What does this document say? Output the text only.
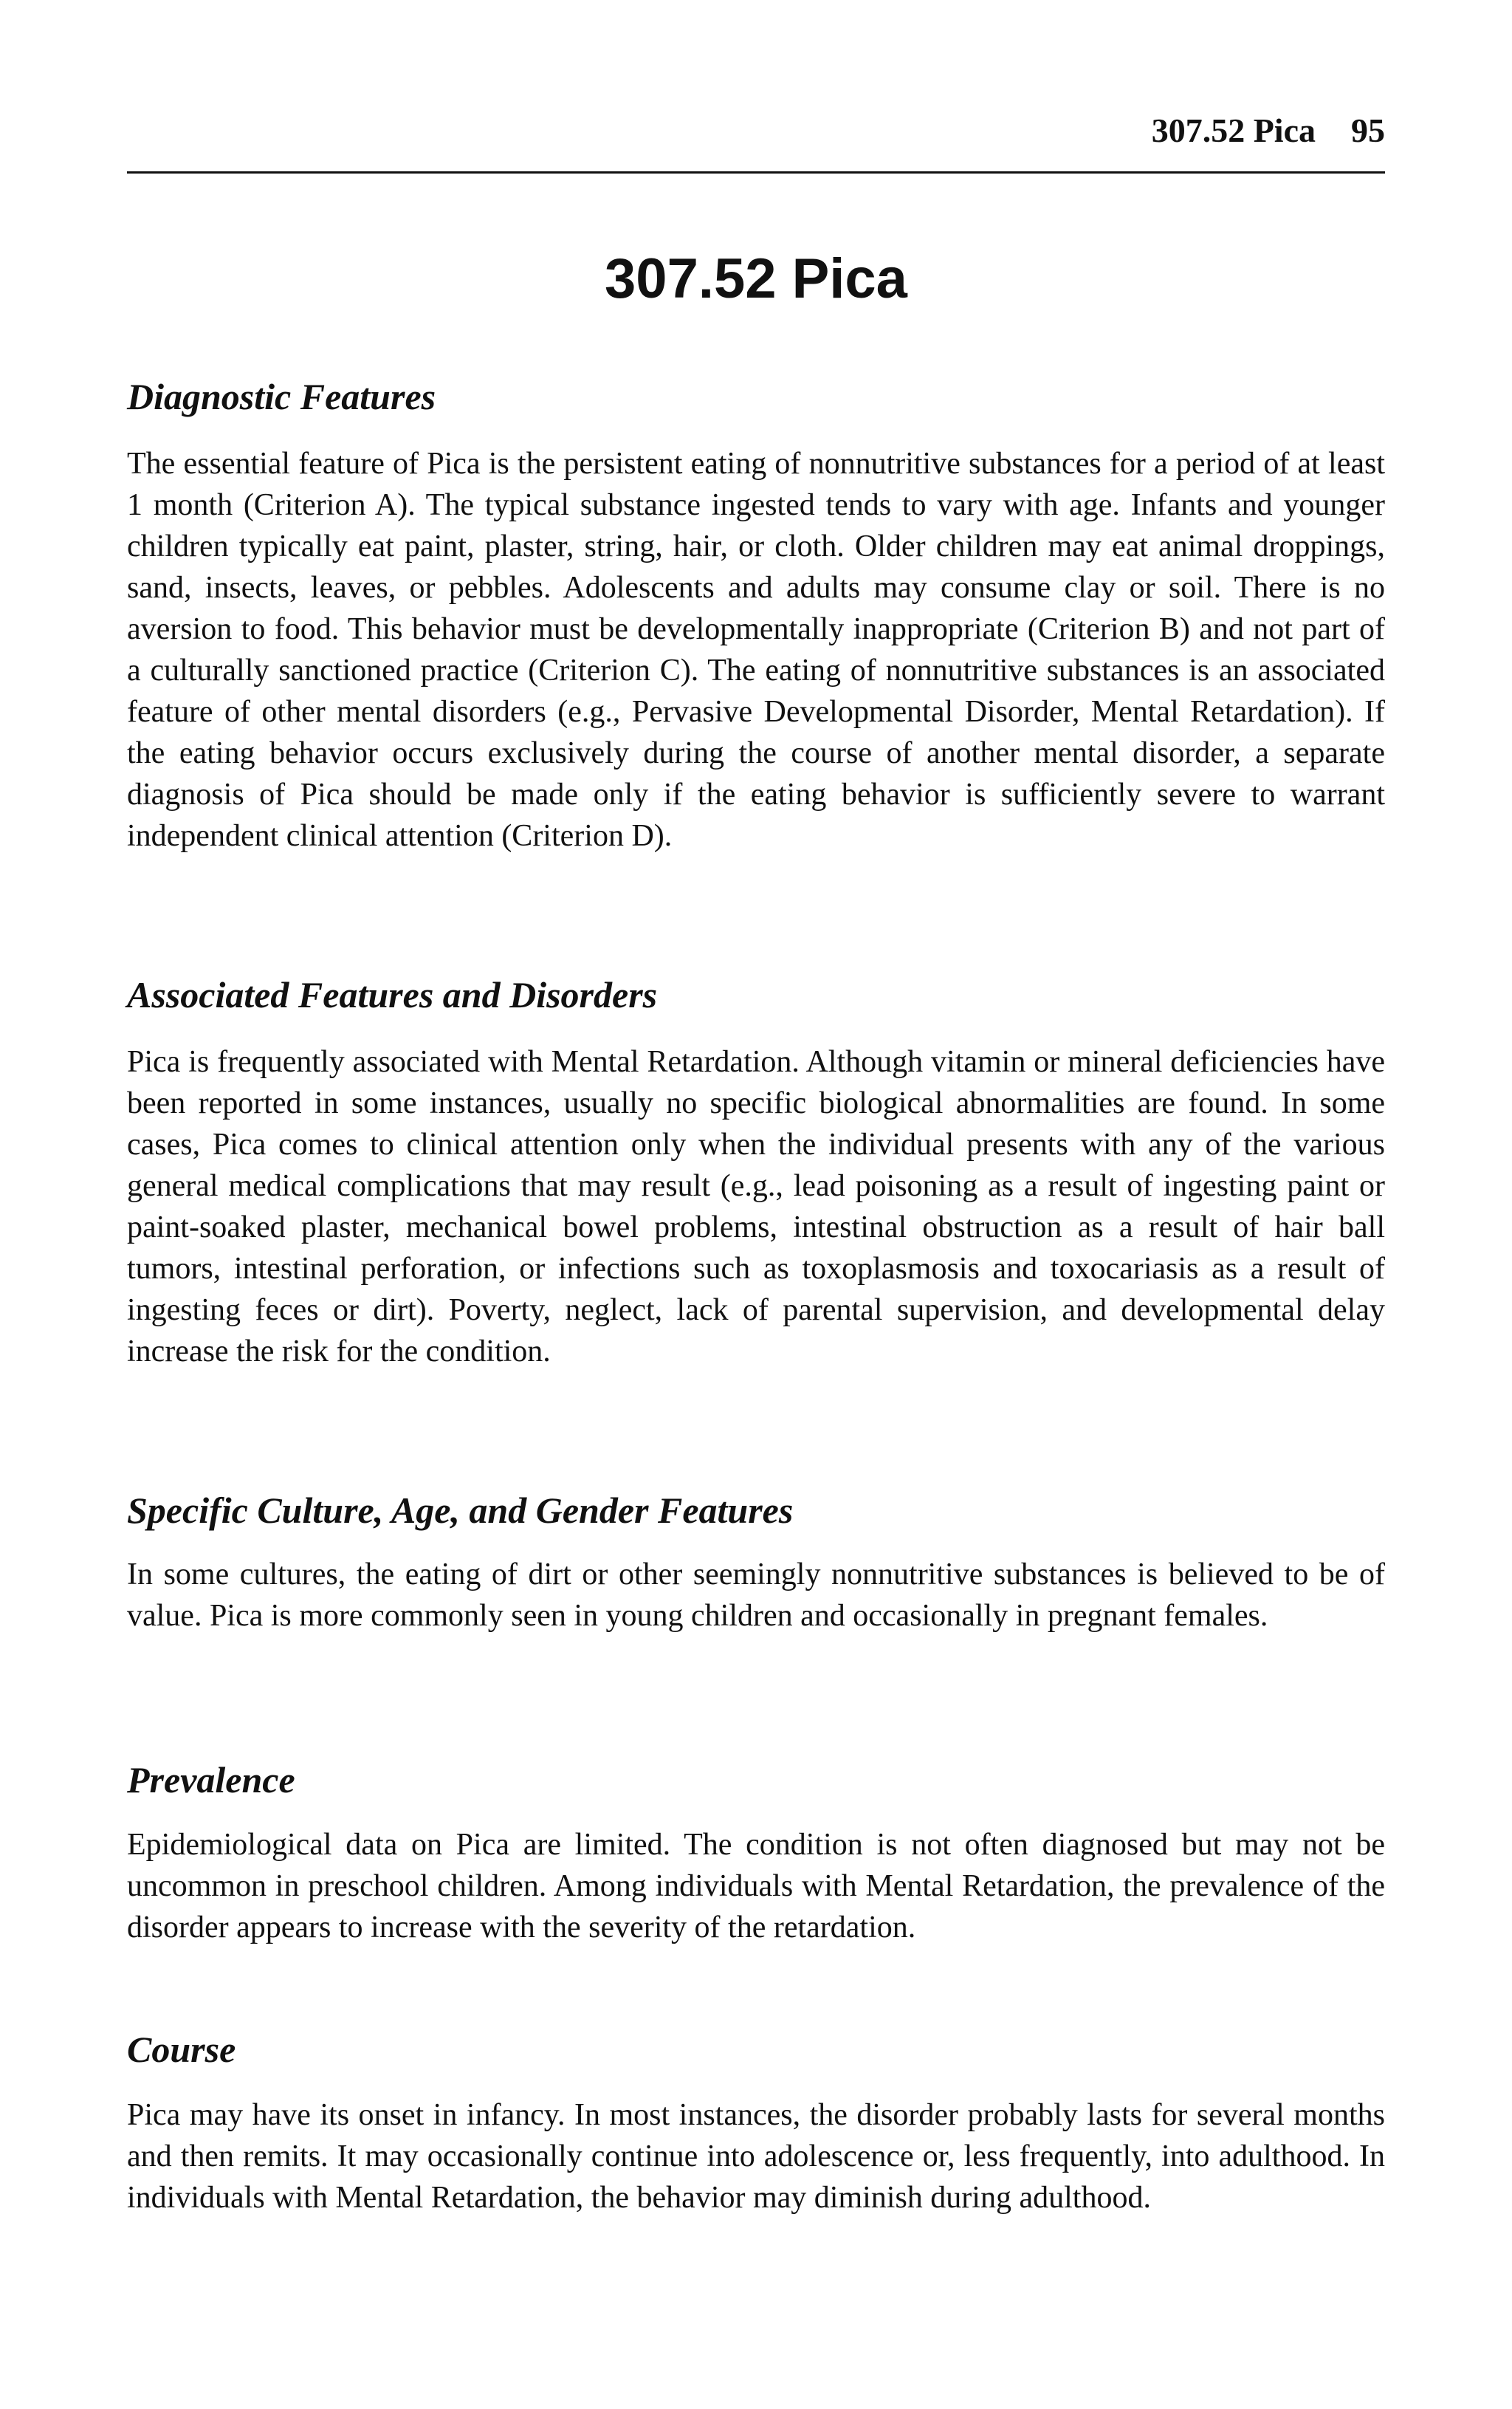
307.52 Pica 95
307.52 Pica
Diagnostic Features

The essential feature of Pica is the persistent eating of nonnutritive substances for a period of at least 1 month (Criterion A). The typical substance ingested tends to vary with age. Infants and younger children typically eat paint, plaster, string, hair, or cloth. Older children may eat animal droppings, sand, insects, leaves, or pebbles. Adolescents and adults may consume clay or soil. There is no aversion to food. This behavior must be developmentally inappropriate (Criterion B) and not part of a culturally sanctioned practice (Criterion C). The eating of nonnutritive substances is an associated feature of other mental disorders (e.g., Pervasive Developmental Disorder, Mental Retardation). If the eating behavior occurs exclusively during the course of another mental disorder, a separate diagnosis of Pica should be made only if the eating behavior is sufficiently severe to warrant independent clinical attention (Criterion D).

Associated Features and Disorders

Pica is frequently associated with Mental Retardation. Although vitamin or mineral deficiencies have been reported in some instances, usually no specific biological abnormalities are found. In some cases, Pica comes to clinical attention only when the individual presents with any of the various general medical complications that may result (e.g., lead poisoning as a result of ingesting paint or paint-soaked plaster, mechanical bowel problems, intestinal obstruction as a result of hair ball tumors, intestinal perforation, or infections such as toxoplasmosis and toxocariasis as a result of ingesting feces or dirt). Poverty, neglect, lack of parental supervision, and developmental delay increase the risk for the condition.

Specific Culture, Age, and Gender Features

In some cultures, the eating of dirt or other seemingly nonnutritive substances is believed to be of value. Pica is more commonly seen in young children and occasionally in pregnant females.

Prevalence

Epidemiological data on Pica are limited. The condition is not often diagnosed but may not be uncommon in preschool children. Among individuals with Mental Retardation, the prevalence of the disorder appears to increase with the severity of the retardation.

Course

Pica may have its onset in infancy. In most instances, the disorder probably lasts for several months and then remits. It may occasionally continue into adolescence or, less frequently, into adulthood. In individuals with Mental Retardation, the behavior may diminish during adulthood.
